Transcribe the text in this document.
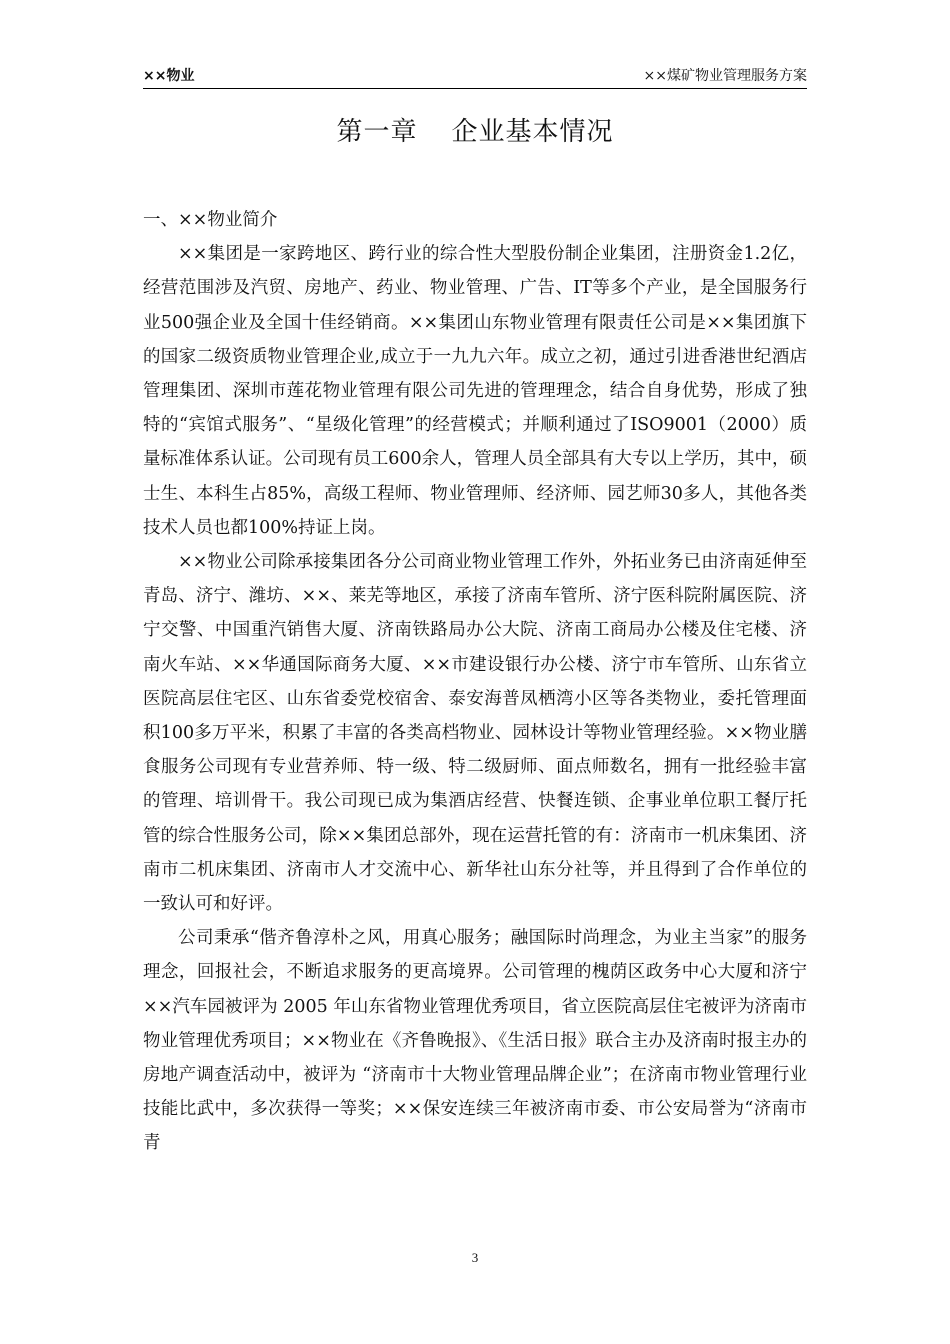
××物业	××煤矿物业管理服务方案
第一章 企业基本情况

一、××物业简介

××集团是一家跨地区、跨行业的综合性大型股份制企业集团，注册资金1.2亿，经营范围涉及汽贸、房地产、药业、物业管理、广告、IT等多个产业，是全国服务行业500强企业及全国十佳经销商。××集团山东物业管理有限责任公司是××集团旗下的国家二级资质物业管理企业,成立于一九九六年。成立之初，通过引进香港世纪酒店管理集团、深圳市莲花物业管理有限公司先进的管理理念，结合自身优势，形成了独特的“宾馆式服务”、“星级化管理”的经营模式；并顺利通过了ISO9001（2000）质量标准体系认证。公司现有员工600余人，管理人员全部具有大专以上学历，其中，硕士生、本科生占85%，高级工程师、物业管理师、经济师、园艺师30多人，其他各类技术人员也都100%持证上岗。

××物业公司除承接集团各分公司商业物业管理工作外，外拓业务已由济南延伸至青岛、济宁、潍坊、××、莱芜等地区，承接了济南车管所、济宁医科院附属医院、济宁交警、中国重汽销售大厦、济南铁路局办公大院、济南工商局办公楼及住宅楼、济南火车站、××华通国际商务大厦、××市建设银行办公楼、济宁市车管所、山东省立医院高层住宅区、山东省委党校宿舍、泰安海普凤栖湾小区等各类物业，委托管理面积100多万平米，积累了丰富的各类高档物业、园林设计等物业管理经验。××物业膳食服务公司现有专业营养师、特一级、特二级厨师、面点师数名，拥有一批经验丰富的管理、培训骨干。我公司现已成为集酒店经营、快餐连锁、企事业单位职工餐厅托管的综合性服务公司，除××集团总部外，现在运营托管的有：济南市一机床集团、济南市二机床集团、济南市人才交流中心、新华社山东分社等，并且得到了合作单位的一致认可和好评。

公司秉承“偕齐鲁淳朴之风，用真心服务；融国际时尚理念，为业主当家”的服务理念，回报社会，不断追求服务的更高境界。公司管理的槐荫区政务中心大厦和济宁××汽车园被评为 2005 年山东省物业管理优秀项目，省立医院高层住宅被评为济南市物业管理优秀项目；××物业在《齐鲁晚报》、《生活日报》联合主办及济南时报主办的房地产调查活动中，被评为 “济南市十大物业管理品牌企业”；在济南市物业管理行业技能比武中，多次获得一等奖；××保安连续三年被济南市委、市公安局誉为“济南市青

3
